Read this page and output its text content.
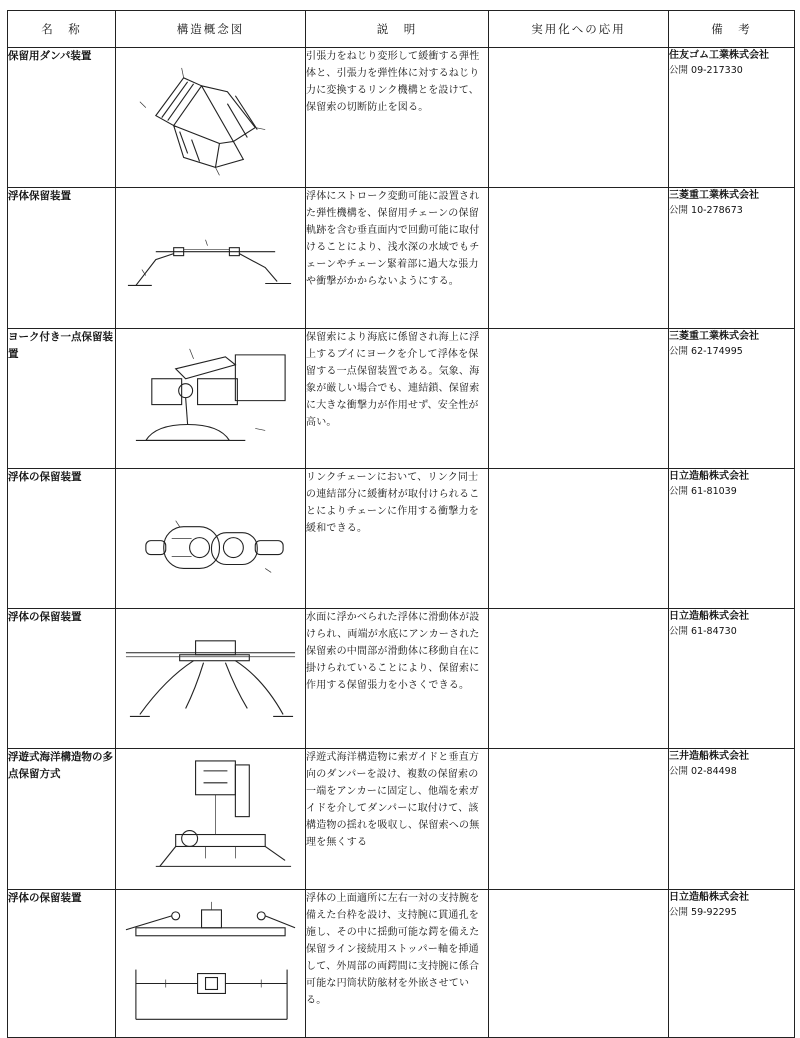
名　称	構造概念図	説　明	実用化への応用	備　考
保留用ダンパ装置		引張力をねじり変形して緩衝する弾性体と、引張力を弾性体に対するねじり力に変換するリンク機構とを設けて、保留索の切断防止を図る。		住友ゴム工業株式会社
公開 09-217330

浮体保留装置		浮体にストローク変動可能に設置された弾性機構を、保留用チェーンの保留軌跡を含む垂直面内で回動可能に取付けることにより、浅水深の水域でもチェーンやチェーン緊着部に過大な張力や衝撃がかからないようにする。		三菱重工業株式会社
公開 10-278673

ヨーク付き一点保留装置		保留索により海底に係留され海上に浮上するブイにヨークを介して浮体を保留する一点保留装置である。気象、海象が厳しい場合でも、連結鎖、保留索に大きな衝撃力が作用せず、安全性が高い。		三菱重工業株式会社
公開 62-174995

浮体の保留装置		リンクチェーンにおいて、リンク同士の連結部分に緩衝材が取付けられることによりチェーンに作用する衝撃力を緩和できる。		日立造船株式会社
公開 61-81039

浮体の保留装置		水面に浮かべられた浮体に滑動体が設けられ、両端が水底にアンカーされた保留索の中間部が滑動体に移動自在に掛けられていることにより、保留索に作用する保留張力を小さくできる。		日立造船株式会社
公開 61-84730

浮遊式海洋構造物の多点保留方式		浮遊式海洋構造物に索ガイドと垂直方向のダンパーを設け、複数の保留索の一端をアンカーに固定し、他端を索ガイドを介してダンパーに取付けて、該構造物の揺れを吸収し、保留索への無理を無くする		三井造船株式会社
公開 02-84498

浮体の保留装置		浮体の上面適所に左右一対の支持腕を備えた台枠を設け、支持腕に貫通孔を施し、その中に揺動可能な鍔を備えた保留ライン接続用ストッパー軸を挿通して、外周部の両鍔間に支持腕に係合可能な円筒状防舷材を外嵌させている。		日立造船株式会社
公開 59-92295
